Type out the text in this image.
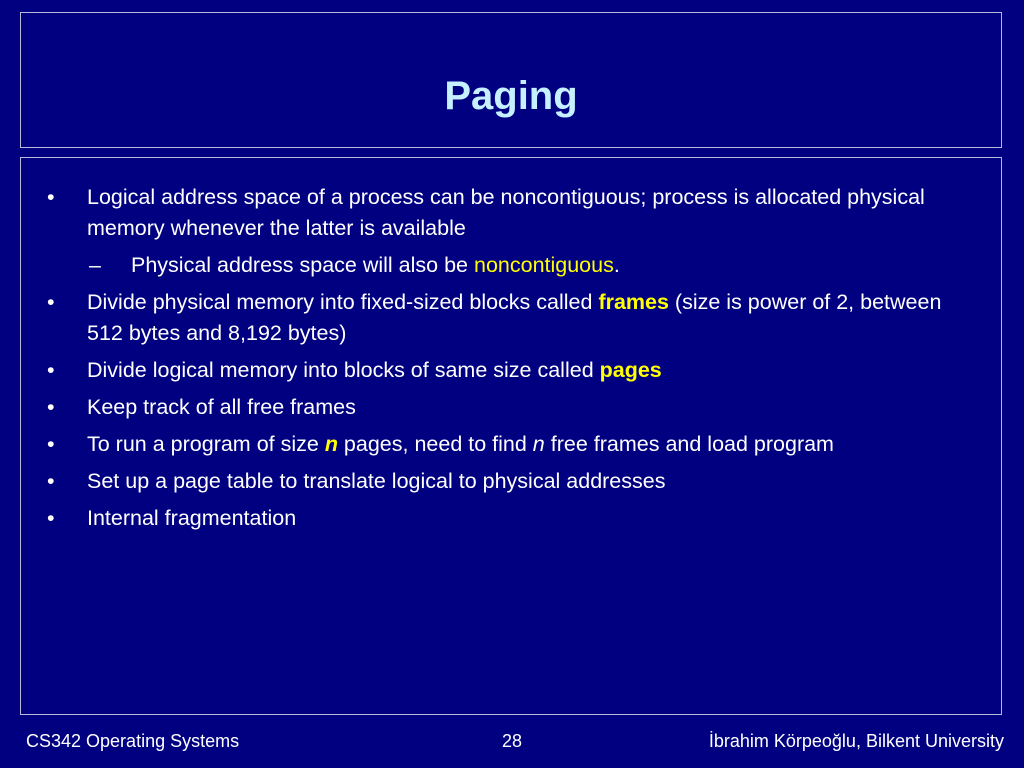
Paging
• Logical address space of a process can be noncontiguous; process is allocated physical memory whenever the latter is available
– Physical address space will also be noncontiguous.
• Divide physical memory into fixed-sized blocks called frames (size is power of 2, between 512 bytes and 8,192 bytes)
• Divide logical memory into blocks of same size called pages
• Keep track of all free frames
• To run a program of size n pages, need to find n free frames and load program
• Set up a page table to translate logical to physical addresses
• Internal fragmentation
CS342 Operating Systems	28	İbrahim Körpeoğlu, Bilkent University
